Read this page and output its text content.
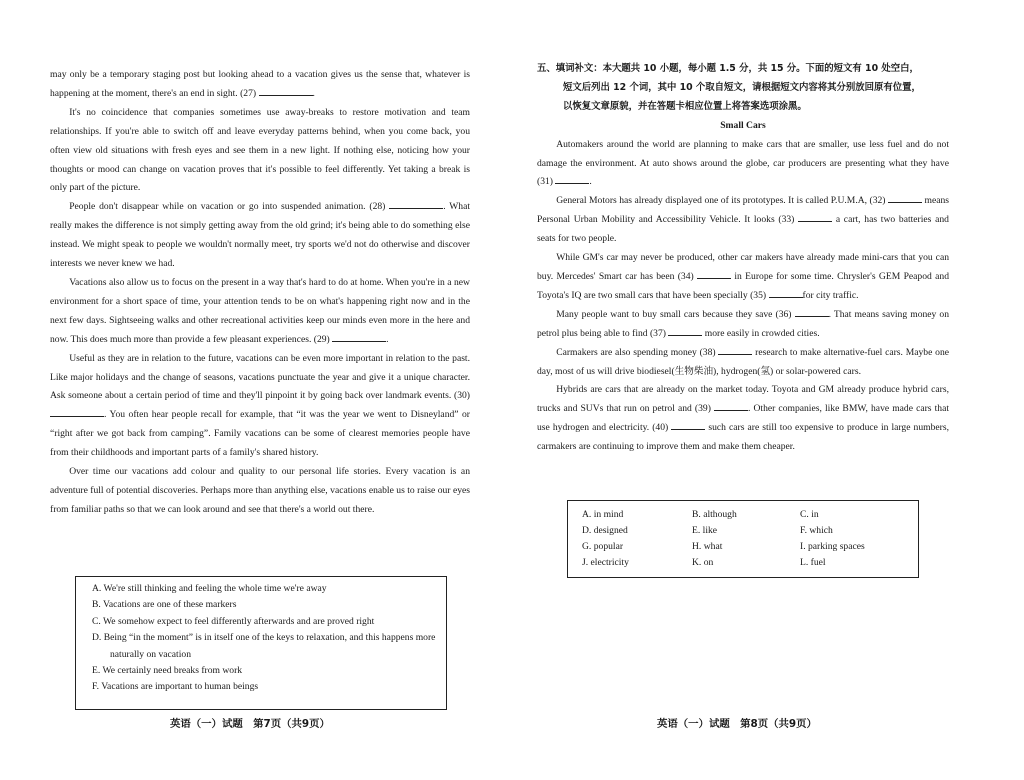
may only be a temporary staging post but looking ahead to a vacation gives us the sense that, whatever is happening at the moment, there's an end in sight. (27)	.

It's no coincidence that companies sometimes use away-breaks to restore motivation and team relationships. If you're able to switch off and leave everyday patterns behind, when you come back, you often view old situations with fresh eyes and see them in a new light. If nothing else, noticing how your thoughts or mood can change on vacation proves that it's possible to feel differently. Yet taking a break is only part of the picture.

People don't disappear while on vacation or go into suspended animation. (28)	. What really makes the difference is not simply getting away from the old grind; it's being able to do something else instead. We might speak to people we wouldn't normally meet, try sports we'd not do otherwise and discover interests we never knew we had.

Vacations also allow us to focus on the present in a way that's hard to do at home. When you're in a new environment for a short space of time, your attention tends to be on what's happening right now and in the next few days. Sightseeing walks and other recreational activities keep our minds even more in the here and now. This does much more than provide a few pleasant experiences. (29)	.

Useful as they are in relation to the future, vacations can be even more important in relation to the past. Like major holidays and the change of seasons, vacations punctuate the year and give it a unique character. Ask someone about a certain period of time and they'll pinpoint it by going back over landmark events. (30) . You often hear people recall for example, that “it was the year we went to Disneyland” or “right after we got back from camping”. Family vacations can be some of clearest memories people have from their childhoods and important parts of a family's shared history.

Over time our vacations add colour and quality to our personal life stories. Every vacation is an adventure full of potential discoveries. Perhaps more than anything else, vacations enable us to raise our eyes from familiar paths so that we can look around and see that there's a world out there.

A. We're still thinking and feeling the whole time we're away
B. Vacations are one of these markers
C. We somehow expect to feel differently afterwards and are proved right
D. Being “in the moment” is in itself one of the keys to relaxation, and this happens more naturally on vacation
E. We certainly need breaks from work
F. Vacations are important to human beings
英语（一）试题　第7页（共9页）
五、填词补文：本大题共 10 小题，每小题 1.5 分，共 15 分。下面的短文有 10 处空白，
短文后列出 12 个词，其中 10 个取自短文，请根据短文内容将其分别放回原有位置，
以恢复文章原貌，并在答题卡相应位置上将答案选项涂黑。

Small Cars

Automakers around the world are planning to make cars that are smaller, use less fuel and do not damage the environment. At auto shows around the globe, car producers are presenting what they have (31)	.

General Motors has already displayed one of its prototypes. It is called P.U.M.A, (32)	means Personal Urban Mobility and Accessibility Vehicle. It looks (33)	a cart, has two batteries and seats for two people.

While GM's car may never be produced, other car makers have already made mini-cars that you can buy. Mercedes' Smart car has been (34)	in Europe for some time. Chrysler's GEM Peapod and Toyota's IQ are two small cars that have been specially (35)	for city traffic.

Many people want to buy small cars because they save (36)	. That means saving money on petrol plus being able to find (37)	more easily in crowded cities.

Carmakers are also spending money (38)	research to make alternative-fuel cars. Maybe one day, most of us will drive biodiesel(生物柴油), hydrogen(氢) or solar-powered cars.

Hybrids are cars that are already on the market today. Toyota and GM already produce hybrid cars, trucks and SUVs that run on petrol and (39)	. Other companies, like BMW, have made cars that use hydrogen and electricity. (40)	such cars are still too expensive to produce in large numbers, carmakers are continuing to improve them and make them cheaper.

A. in mind	B. although	C. in
D. designed	E. like	F. which
G. popular	H. what	I. parking spaces
J. electricity	K. on	L. fuel
英语（一）试题　第8页（共9页）
